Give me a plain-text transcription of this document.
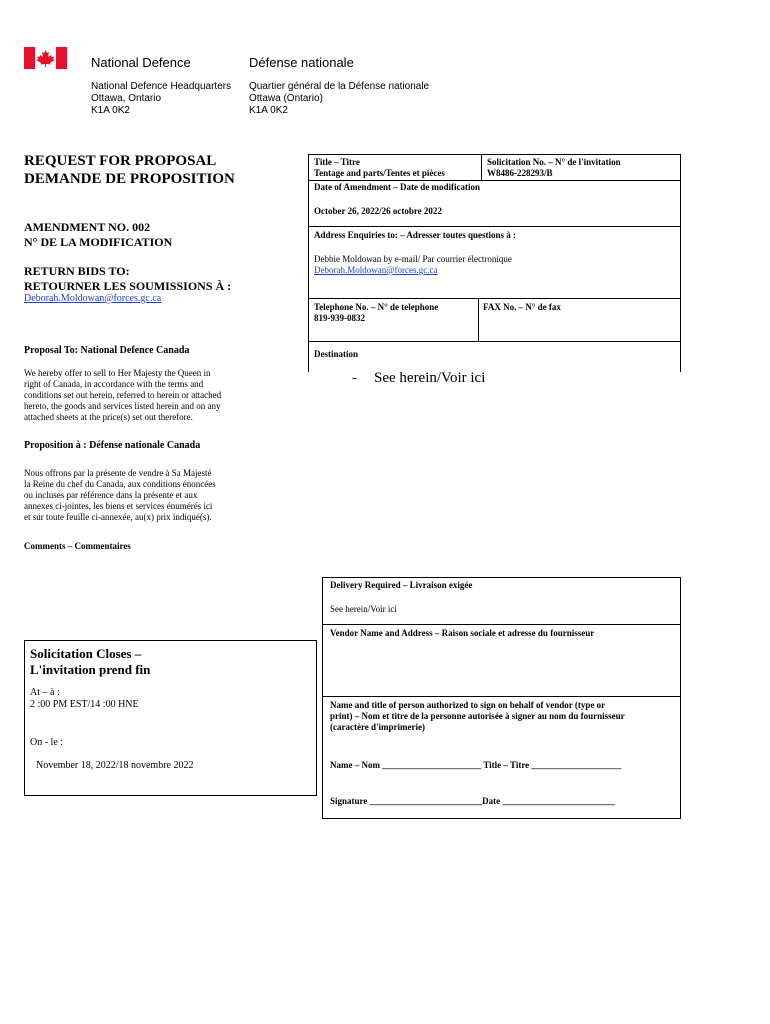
National Defence	Défense nationale
National Defence Headquarters
Ottawa, Ontario
K1A 0K2
Quartier général de la Défense nationale
Ottawa (Ontario)
K1A 0K2
REQUEST FOR PROPOSAL
DEMANDE DE PROPOSITION
AMENDMENT NO. 002
N° DE LA MODIFICATION
RETURN BIDS TO:
RETOURNER LES SOUMISSIONS À :
Deborah.Moldowan@forces.gc.ca
Proposal To: National Defence Canada
We hereby offer to sell to Her Majesty the Queen in
right of Canada, in accordance with the terms and
conditions set out herein, referred to herein or attached
hereto, the goods and services listed herein and on any
attached sheets at the price(s) set out therefore.
Proposition à : Défense nationale Canada
Nous offrons par la présente de vendre à Sa Majesté
la Reine du chef du Canada, aux conditions énoncées
ou incluses par référence dans la présente et aux
annexes ci-jointes, les biens et services énumérés ici
et sur toute feuille ci-annexée, au(x) prix indiqué(s).
Comments – Commentaires
Title – Titre
Tentage and parts/Tentes et pièces
Solicitation No. – N° de l'invitation
W8486-228293/B
Date of Amendment – Date de modification
October 26, 2022/26 octobre 2022
Address Enquiries to: – Adresser toutes questions à :
Debbie Moldowan by e-mail/ Par courrier électronique
Deborah.Moldowan@forces.gc.ca
Telephone No. – N° de telephone
819-939-0832
FAX No. – N° de fax
Destination
- See herein/Voir ici
Solicitation Closes –
L'invitation prend fin
At – à :
2 :00 PM EST/14 :00 HNE
On - le :
November 18, 2022/18 novembre 2022
Delivery Required – Livraison exigée
See herein/Voir ici
Vendor Name and Address – Raison sociale et adresse du fournisseur
Name and title of person authorized to sign on behalf of vendor (type or
print) – Nom et titre de la personne autorisée à signer au nom du fournisseur
(caractère d'imprimerie)
Name – Nom ______________________ Title – Titre ____________________
Signature _________________________Date _________________________
